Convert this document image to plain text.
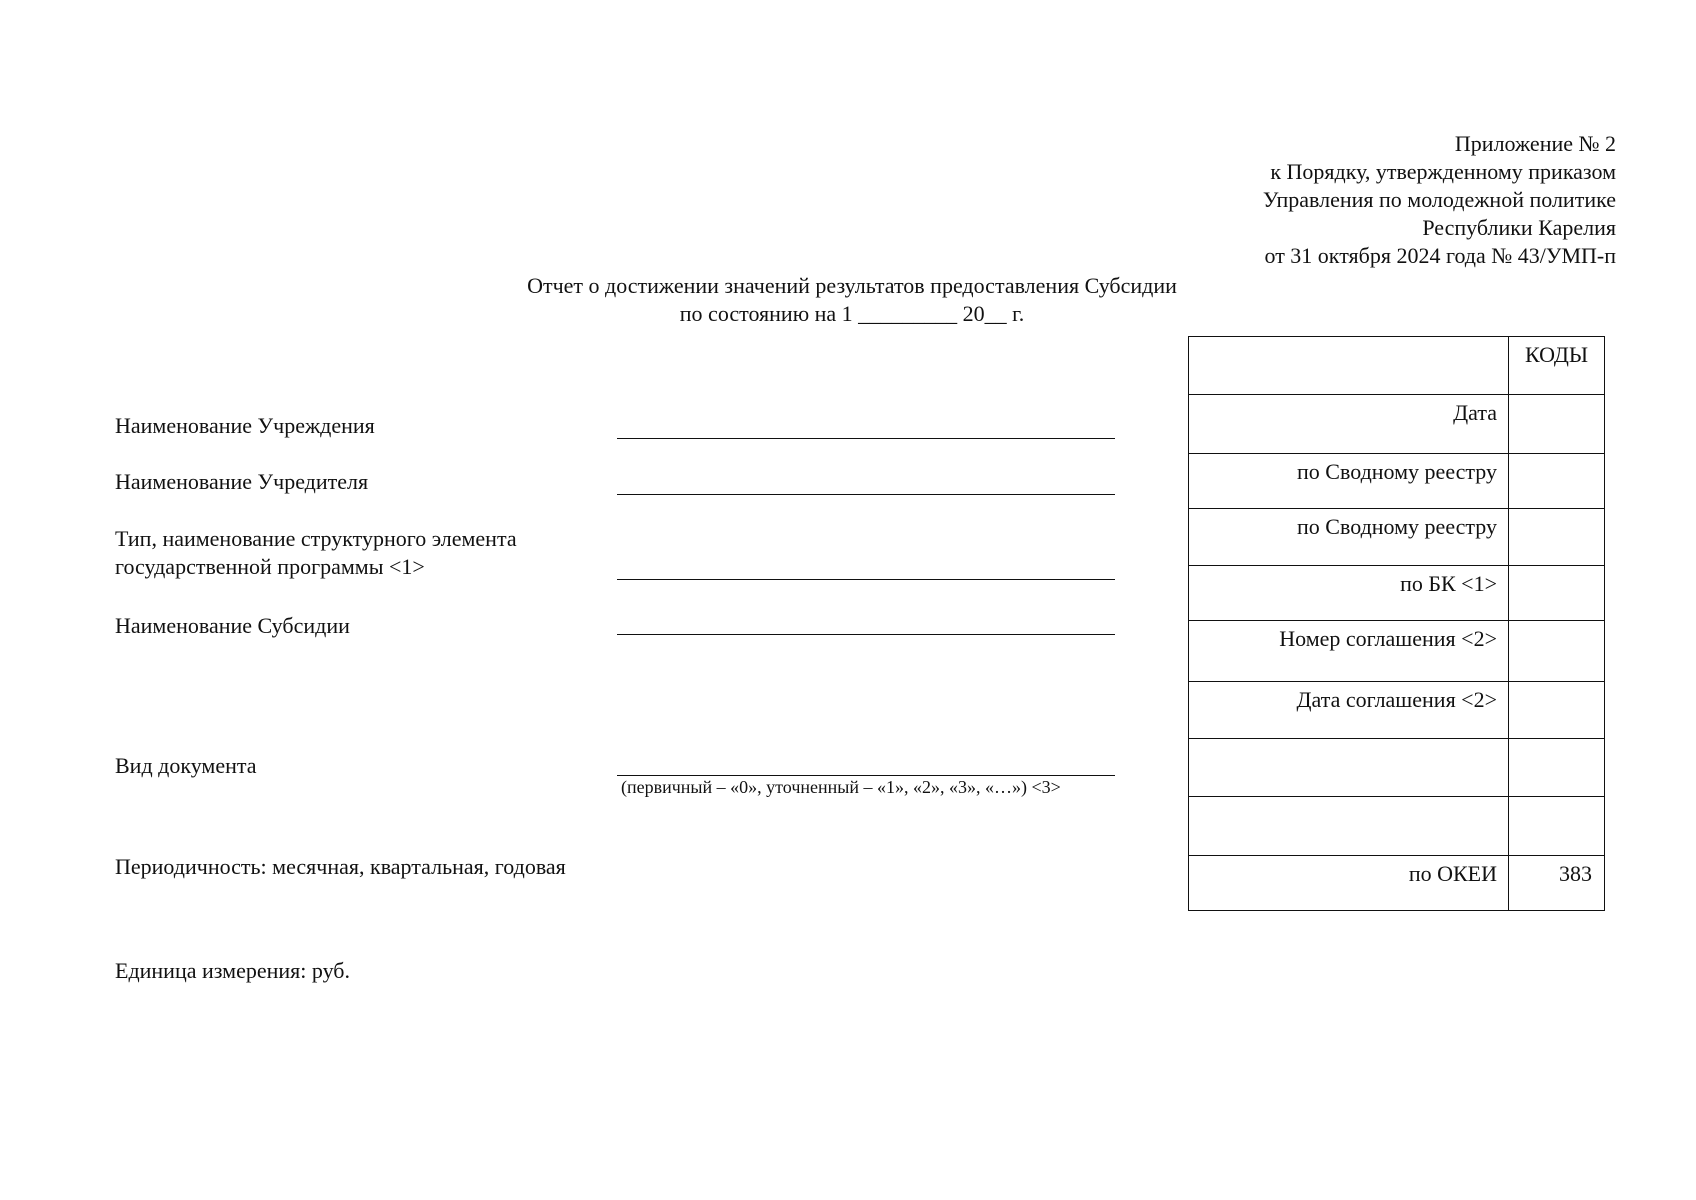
Приложение № 2
к Порядку, утвержденному приказом
Управления по молодежной политике
Республики Карелия
от 31 октября 2024 года № 43/УМП-п
Отчет о достижении значений результатов предоставления Субсидии
по состоянию на 1 _________ 20__ г.
Наименование Учреждения
Наименование Учредителя
Тип, наименование структурного элемента
государственной программы <1>
Наименование Субсидии
Вид документа
(первичный – «0», уточненный – «1», «2», «3», «…») <3>
Периодичность: месячная, квартальная, годовая
Единица измерения: руб.
	КОДЫ
Дата	
по Сводному реестру	
по Сводному реестру	
по БК <1>	
Номер соглашения <2>	
Дата соглашения <2>	

по ОКЕИ	383
